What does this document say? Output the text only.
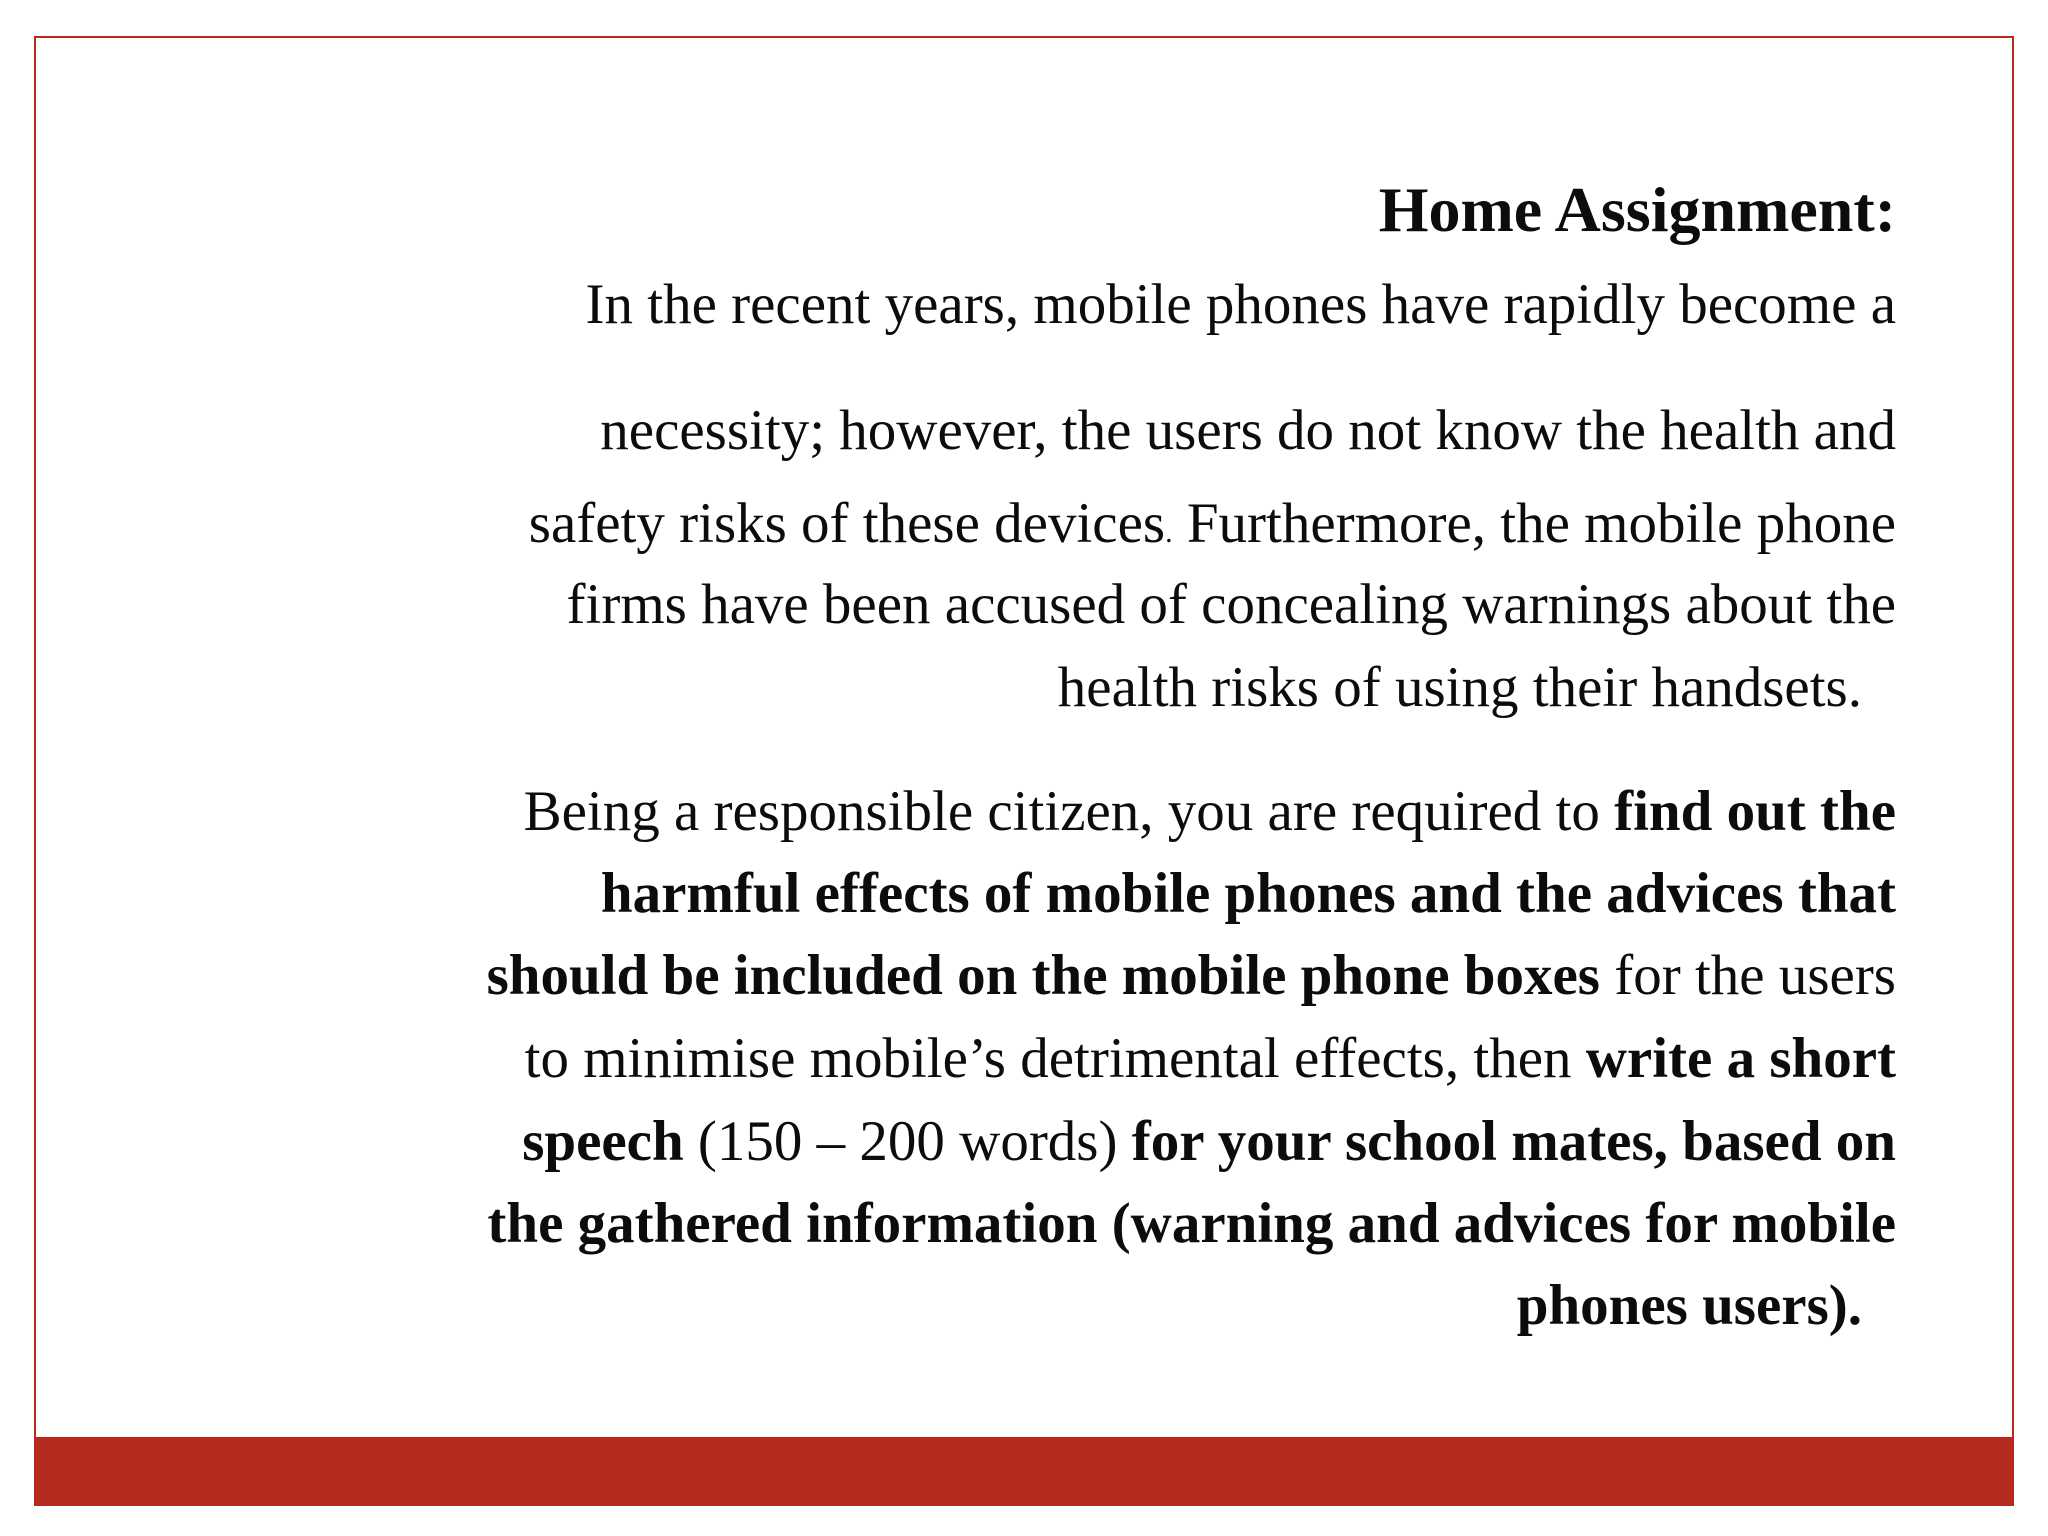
Home Assignment:

In the recent years, mobile phones have rapidly become a

necessity; however, the users do not know the health and

safety risks of these devices. Furthermore, the mobile phone

firms have been accused of concealing warnings about the

health risks of using their handsets.

Being a responsible citizen, you are required to find out the

harmful effects of mobile phones and the advices that

should be included on the mobile phone boxes for the users

to minimise mobile’s detrimental effects, then write a short

speech (150 – 200 words) for your school mates, based on

the gathered information (warning and advices for mobile

phones users).
